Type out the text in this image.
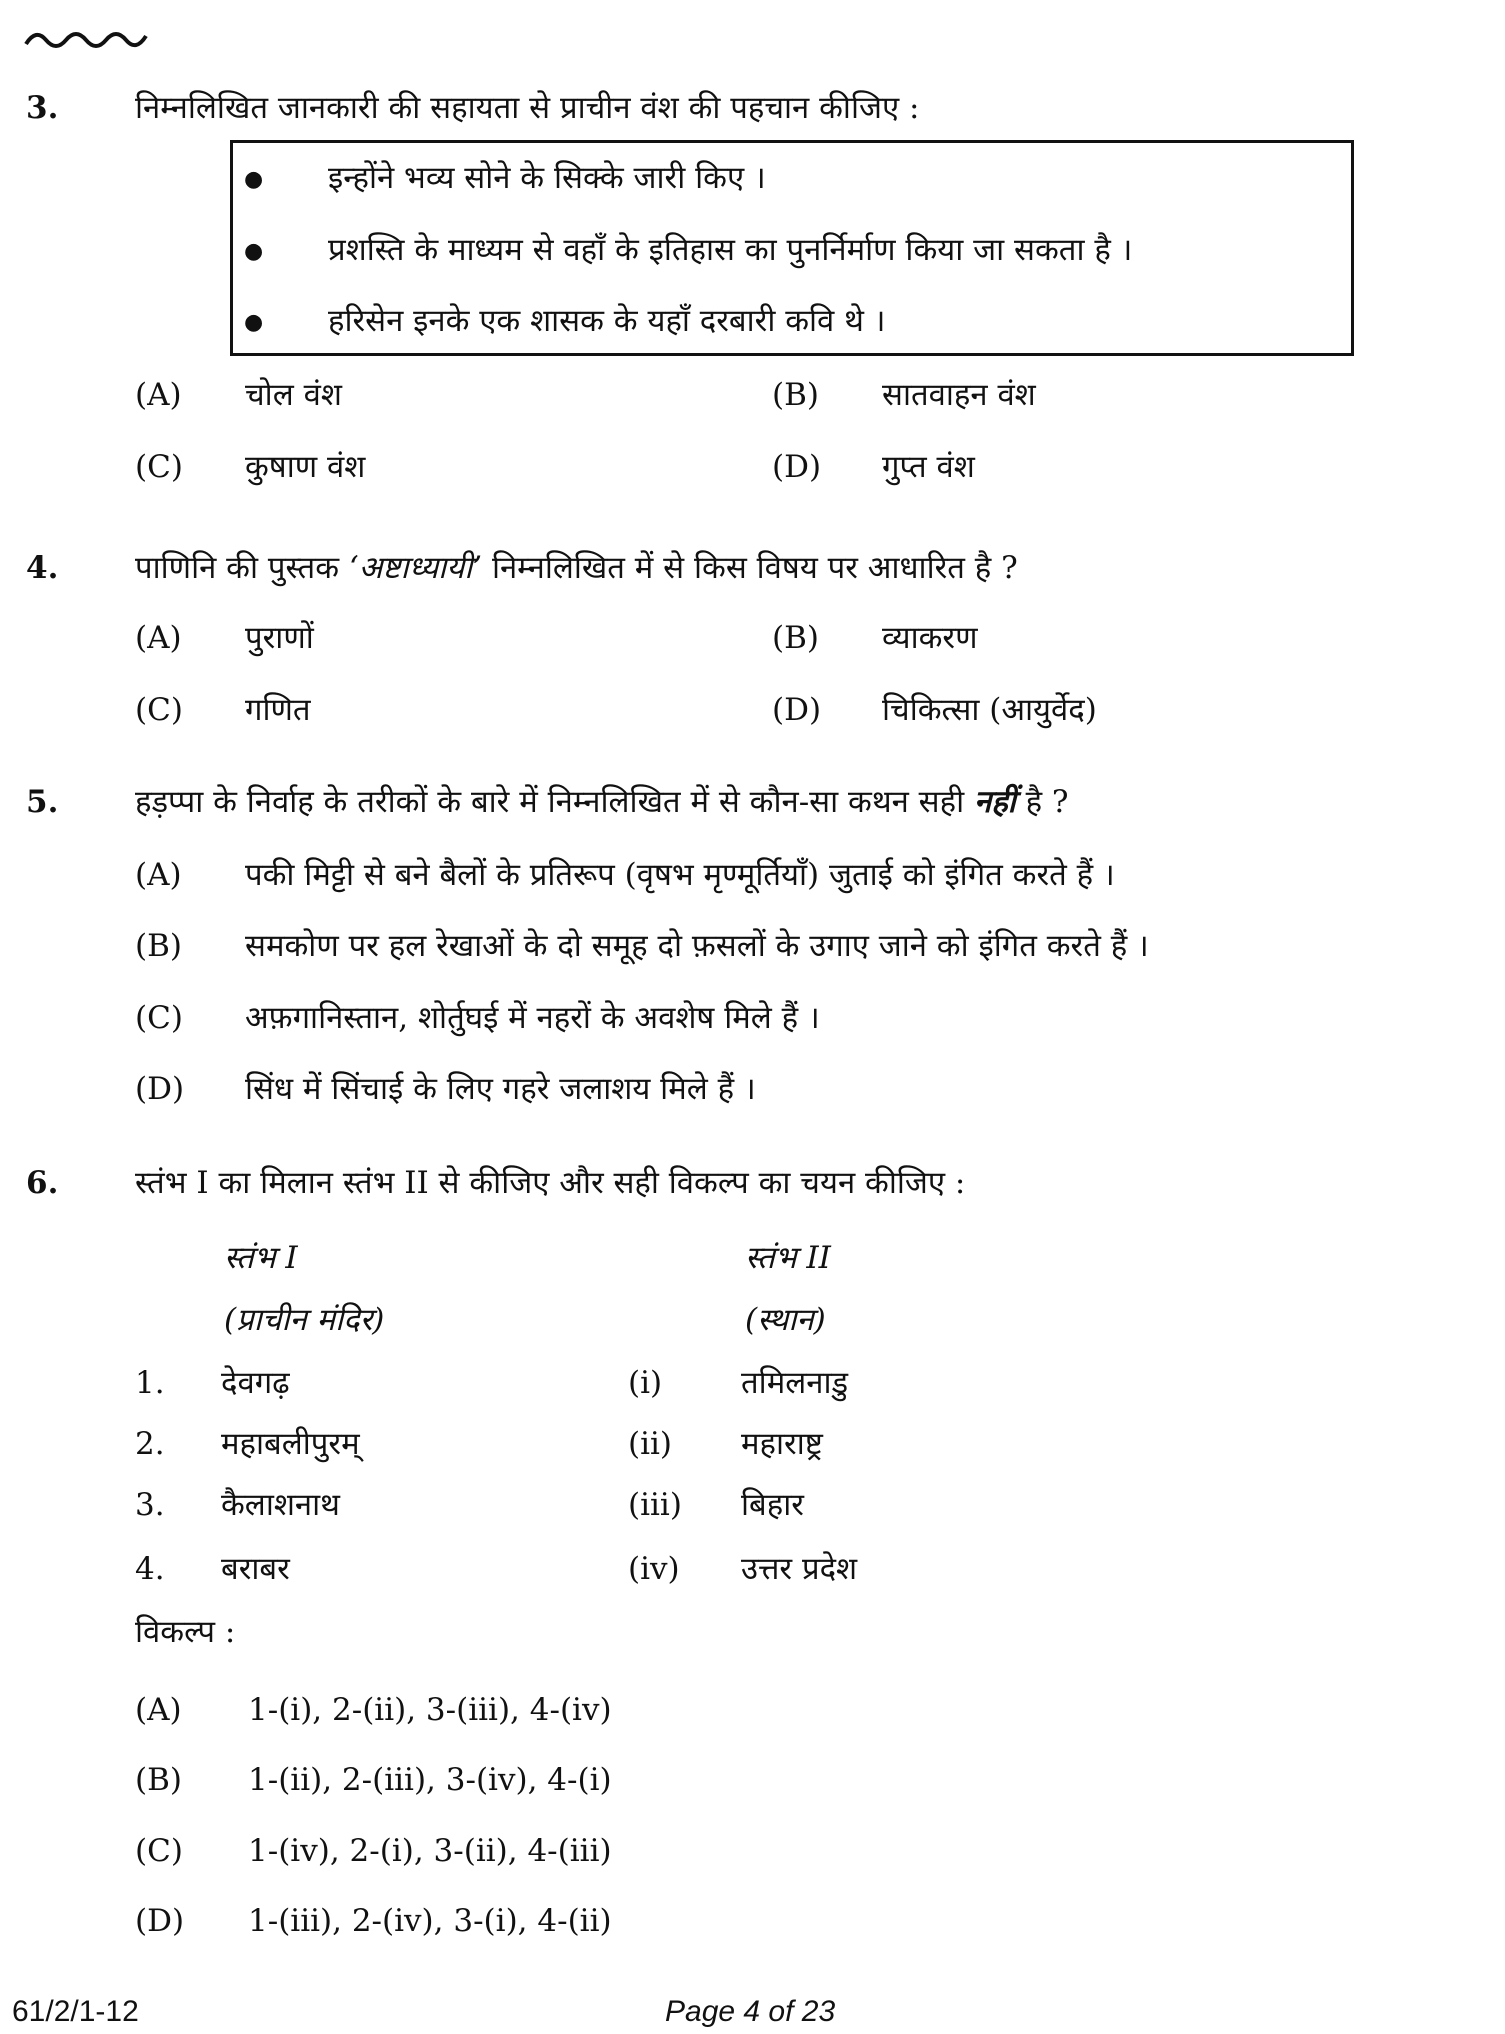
3. निम्नलिखित जानकारी की सहायता से प्राचीन वंश की पहचान कीजिए :
● इन्होंने भव्य सोने के सिक्के जारी किए ।
● प्रशस्ति के माध्यम से वहाँ के इतिहास का पुनर्निर्माण किया जा सकता है ।
● हरिसेन इनके एक शासक के यहाँ दरबारी कवि थे ।
(A) चोल वंश	(B) सातवाहन वंश
(C) कुषाण वंश	(D) गुप्त वंश
4. पाणिनि की पुस्तक ‘अष्टाध्यायी’ निम्नलिखित में से किस विषय पर आधारित है ?
(A) पुराणों	(B) व्याकरण
(C) गणित	(D) चिकित्सा (आयुर्वेद)
5. हड़प्पा के निर्वाह के तरीकों के बारे में निम्नलिखित में से कौन-सा कथन सही नहीं है ?
(A) पकी मिट्टी से बने बैलों के प्रतिरूप (वृषभ मृण्मूर्तियाँ) जुताई को इंगित करते हैं ।
(B) समकोण पर हल रेखाओं के दो समूह दो फ़सलों के उगाए जाने को इंगित करते हैं ।
(C) अफ़गानिस्तान, शोर्तुघई में नहरों के अवशेष मिले हैं ।
(D) सिंध में सिंचाई के लिए गहरे जलाशय मिले हैं ।
6. स्तंभ I का मिलान स्तंभ II से कीजिए और सही विकल्प का चयन कीजिए :
स्तंभ I	स्तंभ II
(प्राचीन मंदिर)	(स्थान)
1. देवगढ़	(i)	तमिलनाडु
2. महाबलीपुरम्	(ii) महाराष्ट्र
3. कैलाशनाथ	(iii) बिहार
4. बराबर	(iv) उत्तर प्रदेश
विकल्प :
(A) 1-(i), 2-(ii), 3-(iii), 4-(iv)
(B) 1-(ii), 2-(iii), 3-(iv), 4-(i)
(C) 1-(iv), 2-(i), 3-(ii), 4-(iii)
(D) 1-(iii), 2-(iv), 3-(i), 4-(ii)
61/2/1-12	Page 4 of 23
